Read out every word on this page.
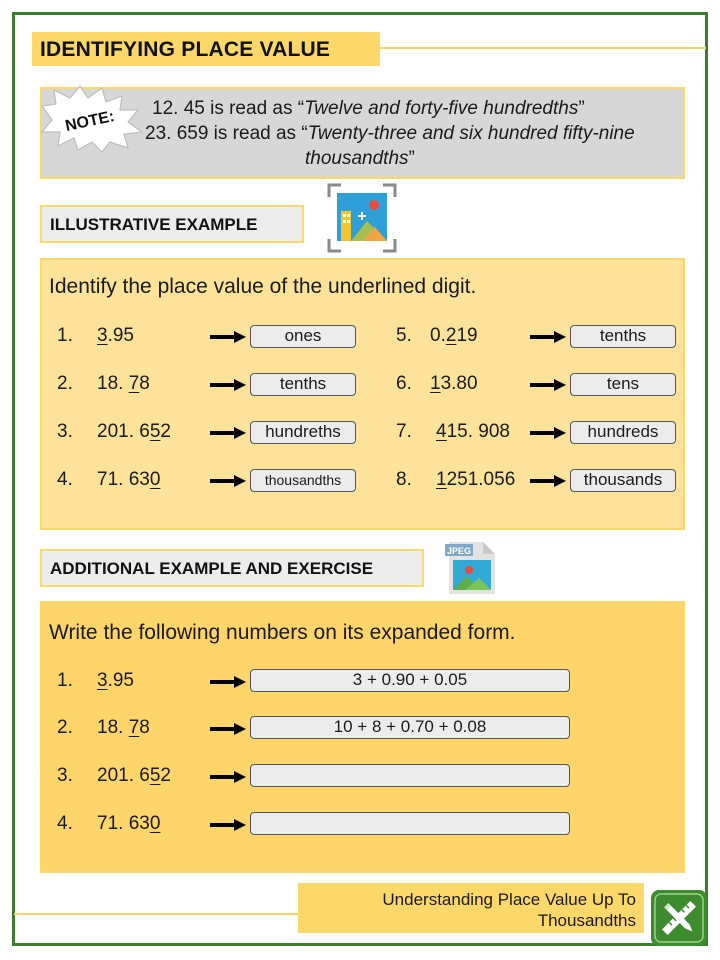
IDENTIFYING PLACE VALUE
NOTE: 12. 45 is read as “Twelve and forty-five hundredths”
23. 659 is read as “Twenty-three and six hundred fifty-nine
thousandths”
ILLUSTRATIVE EXAMPLE
Identify the place value of the underlined digit.
1. 3.95	ones
2. 18. 78	tenths
3. 201. 652	hundreths
4. 71. 630	thousandths
5. 0.219	tenths
6. 13.80	tens
7. 415. 908	hundreds
8. 1251.056	thousands
ADDITIONAL EXAMPLE AND EXERCISE
JPEG
Write the following numbers on its expanded form.
1. 3.95	3 + 0.90 + 0.05
2. 18. 78	10 + 8 + 0.70 + 0.08
3. 201. 652
4. 71. 630
Understanding Place Value Up To
Thousandths
